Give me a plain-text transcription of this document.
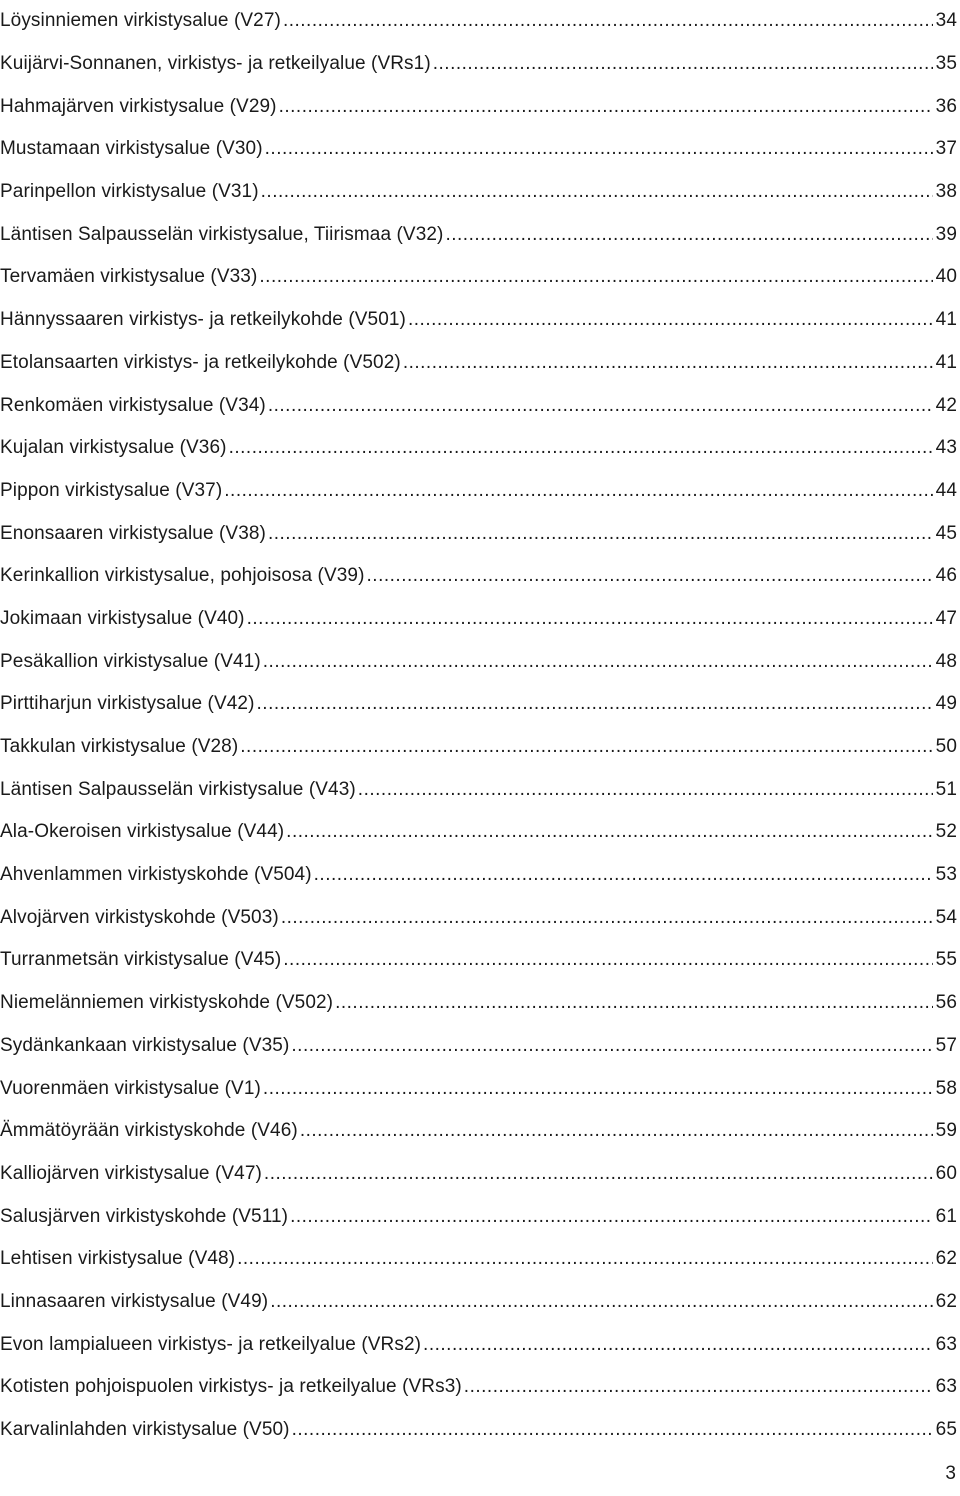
Löysinniemen virkistysalue (V27) .....	34
Kuijärvi-Sonnanen, virkistys- ja retkeilyalue (VRs1) .....	35
Hahmajärven virkistysalue (V29) .....	36
Mustamaan virkistysalue (V30) .....	37
Parinpellon virkistysalue (V31) .....	38
Läntisen Salpausselän virkistysalue, Tiirismaa (V32) .....	39
Tervamäen virkistysalue (V33) .....	40
Hännyssaaren virkistys- ja retkeilykohde (V501) .....	41
Etolansaarten virkistys- ja retkeilykohde (V502) .....	41
Renkomäen virkistysalue (V34) .....	42
Kujalan virkistysalue (V36) .....	43
Pippon virkistysalue (V37) .....	44
Enonsaaren virkistysalue (V38) .....	45
Kerinkallion virkistysalue, pohjoisosa (V39) .....	46
Jokimaan virkistysalue (V40) .....	47
Pesäkallion virkistysalue (V41) .....	48
Pirttiharjun virkistysalue (V42) .....	49
Takkulan virkistysalue (V28) .....	50
Läntisen Salpausselän virkistysalue (V43) .....	51
Ala-Okeroisen virkistysalue (V44) .....	52
Ahvenlammen virkistyskohde (V504) .....	53
Alvojärven virkistyskohde (V503) .....	54
Turranmetsän virkistysalue (V45) .....	55
Niemelänniemen virkistyskohde (V502) .....	56
Sydänkankaan virkistysalue (V35) .....	57
Vuorenmäen virkistysalue (V1) .....	58
Ämmätöyrään virkistyskohde (V46) .....	59
Kalliojärven virkistysalue (V47) .....	60
Salusjärven virkistyskohde (V511) .....	61
Lehtisen virkistysalue (V48) .....	62
Linnasaaren virkistysalue (V49) .....	62
Evon lampialueen virkistys- ja retkeilyalue (VRs2) .....	63
Kotisten pohjoispuolen virkistys- ja retkeilyalue (VRs3) .....	63
Karvalinlahden virkistysalue (V50) .....	65
3
